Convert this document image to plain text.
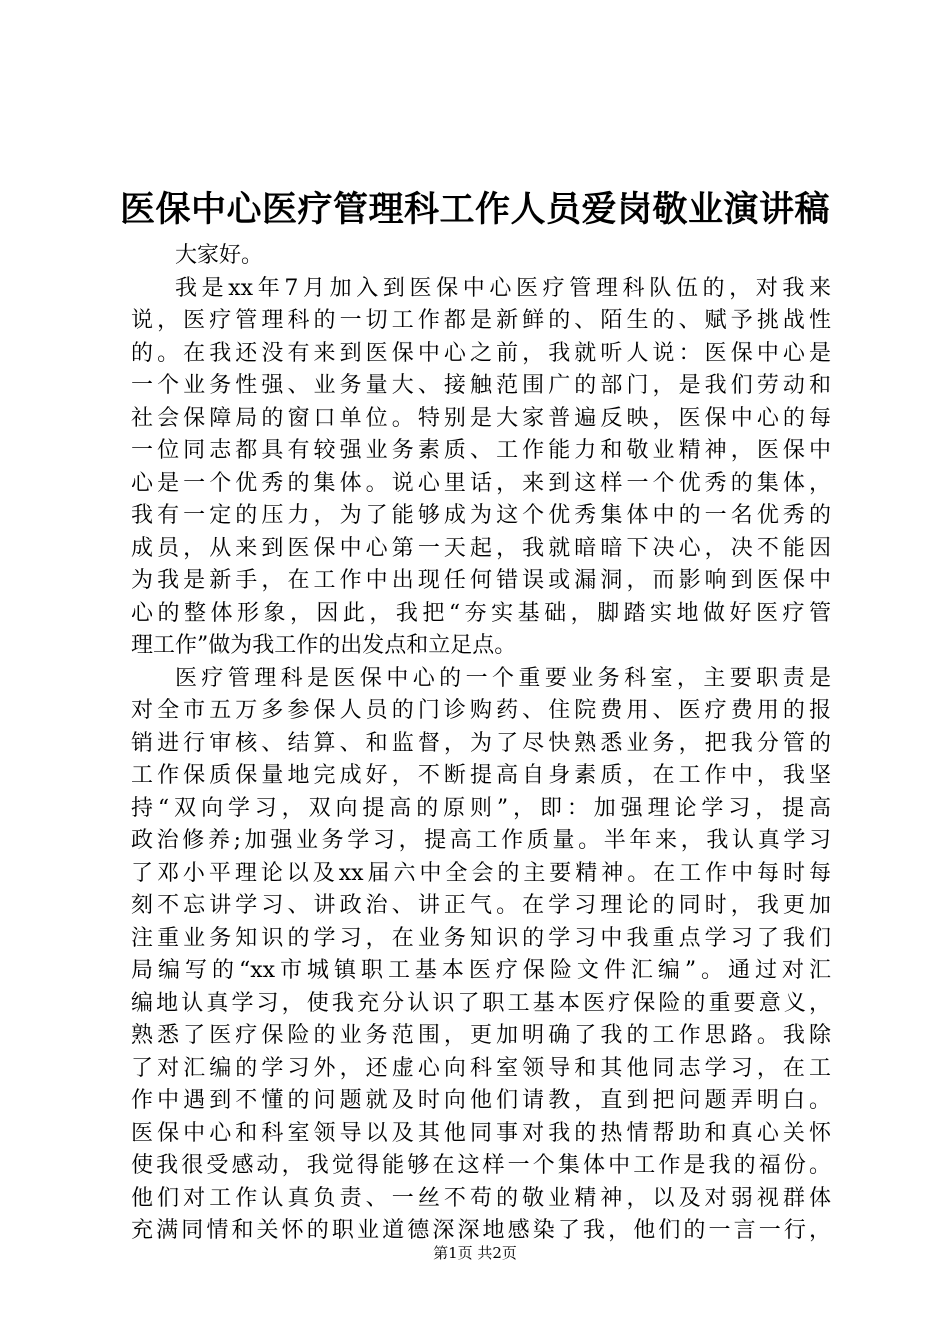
医保中心医疗管理科工作人员爱岗敬业演讲稿
大家好。
我是xx年7月加入到医保中心医疗管理科队伍的，对我来
说，医疗管理科的一切工作都是新鲜的、陌生的、赋予挑战性
的。在我还没有来到医保中心之前，我就听人说：医保中心是
一个业务性强、业务量大、接触范围广的部门，是我们劳动和
社会保障局的窗口单位。特别是大家普遍反映，医保中心的每
一位同志都具有较强业务素质、工作能力和敬业精神，医保中
心是一个优秀的集体。说心里话，来到这样一个优秀的集体，
我有一定的压力，为了能够成为这个优秀集体中的一名优秀的
成员，从来到医保中心第一天起，我就暗暗下决心，决不能因
为我是新手，在工作中出现任何错误或漏洞，而影响到医保中
心的整体形象，因此，我把“夯实基础，脚踏实地做好医疗管
理工作”做为我工作的出发点和立足点。
医疗管理科是医保中心的一个重要业务科室，主要职责是
对全市五万多参保人员的门诊购药、住院费用、医疗费用的报
销进行审核、结算、和监督，为了尽快熟悉业务，把我分管的
工作保质保量地完成好，不断提高自身素质，在工作中，我坚
持“双向学习，双向提高的原则”，即：加强理论学习，提高
政治修养;加强业务学习，提高工作质量。半年来，我认真学习
了邓小平理论以及xx届六中全会的主要精神。在工作中每时每
刻不忘讲学习、讲政治、讲正气。在学习理论的同时，我更加
注重业务知识的学习，在业务知识的学习中我重点学习了我们
局编写的“xx市城镇职工基本医疗保险文件汇编”。通过对汇
编地认真学习，使我充分认识了职工基本医疗保险的重要意义，
熟悉了医疗保险的业务范围，更加明确了我的工作思路。我除
了对汇编的学习外，还虚心向科室领导和其他同志学习，在工
作中遇到不懂的问题就及时向他们请教，直到把问题弄明白。
医保中心和科室领导以及其他同事对我的热情帮助和真心关怀
使我很受感动，我觉得能够在这样一个集体中工作是我的福份。
他们对工作认真负责、一丝不苟的敬业精神，以及对弱视群体
充满同情和关怀的职业道德深深地感染了我，他们的一言一行，
第1页 共2页
